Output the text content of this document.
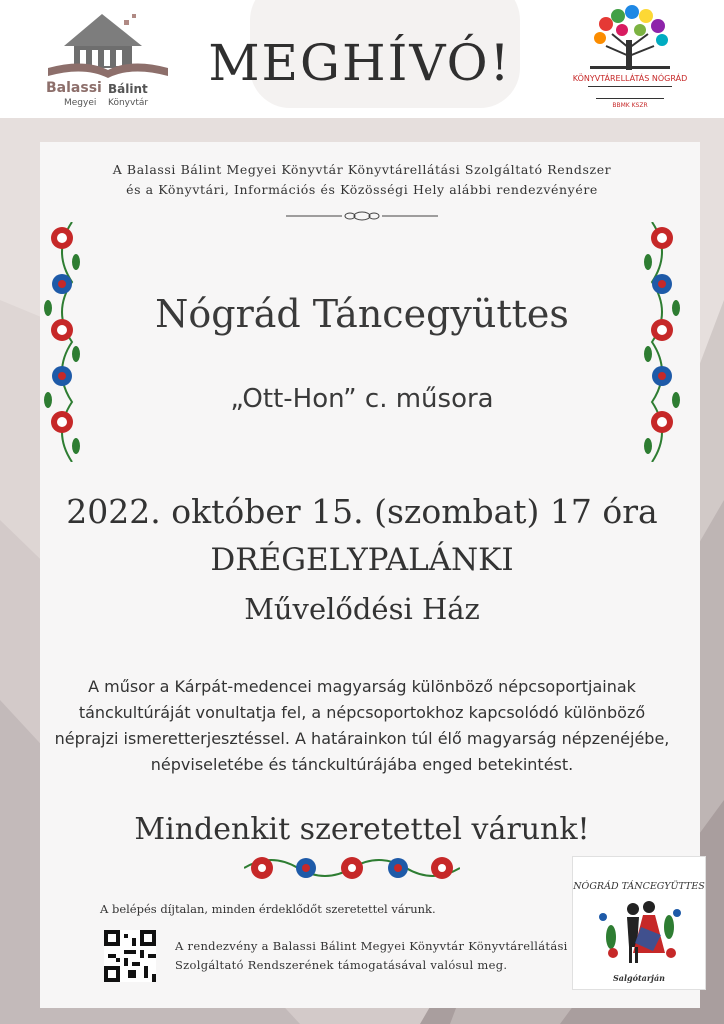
Balassi Bálint
Megyei Könyvtár
MEGHÍVÓ!	KÖNYVTÁRELLÁTÁS NÓGRÁD
BBMK KSZR
A Balassi Bálint Megyei Könyvtár Könyvtárellátási Szolgáltató Rendszer
és a Könyvtári, Információs és Közösségi Hely alábbi rendezvényére
Nógrád Táncegyüttes
„Ott-Hon” c. műsora
2022. október 15. (szombat) 17 óra
DRÉGELYPALÁNKI
Művelődési Ház
A műsor a Kárpát-medencei magyarság különböző népcsoportjainak
tánckultúráját vonultatja fel, a népcsoportokhoz kapcsolódó különböző
néprajzi ismeretterjesztéssel. A határainkon túl élő magyarság népzenéjébe,
népviseletébe és tánckultúrájába enged betekintést.
Mindenkit szeretettel várunk!
A belépés díjtalan, minden érdeklődőt szeretettel várunk.
A rendezvény a Balassi Bálint Megyei Könyvtár Könyvtárellátási
Szolgáltató Rendszerének támogatásával valósul meg.
NÓGRÁD TÁNCEGYÜTTES
Salgótarján
